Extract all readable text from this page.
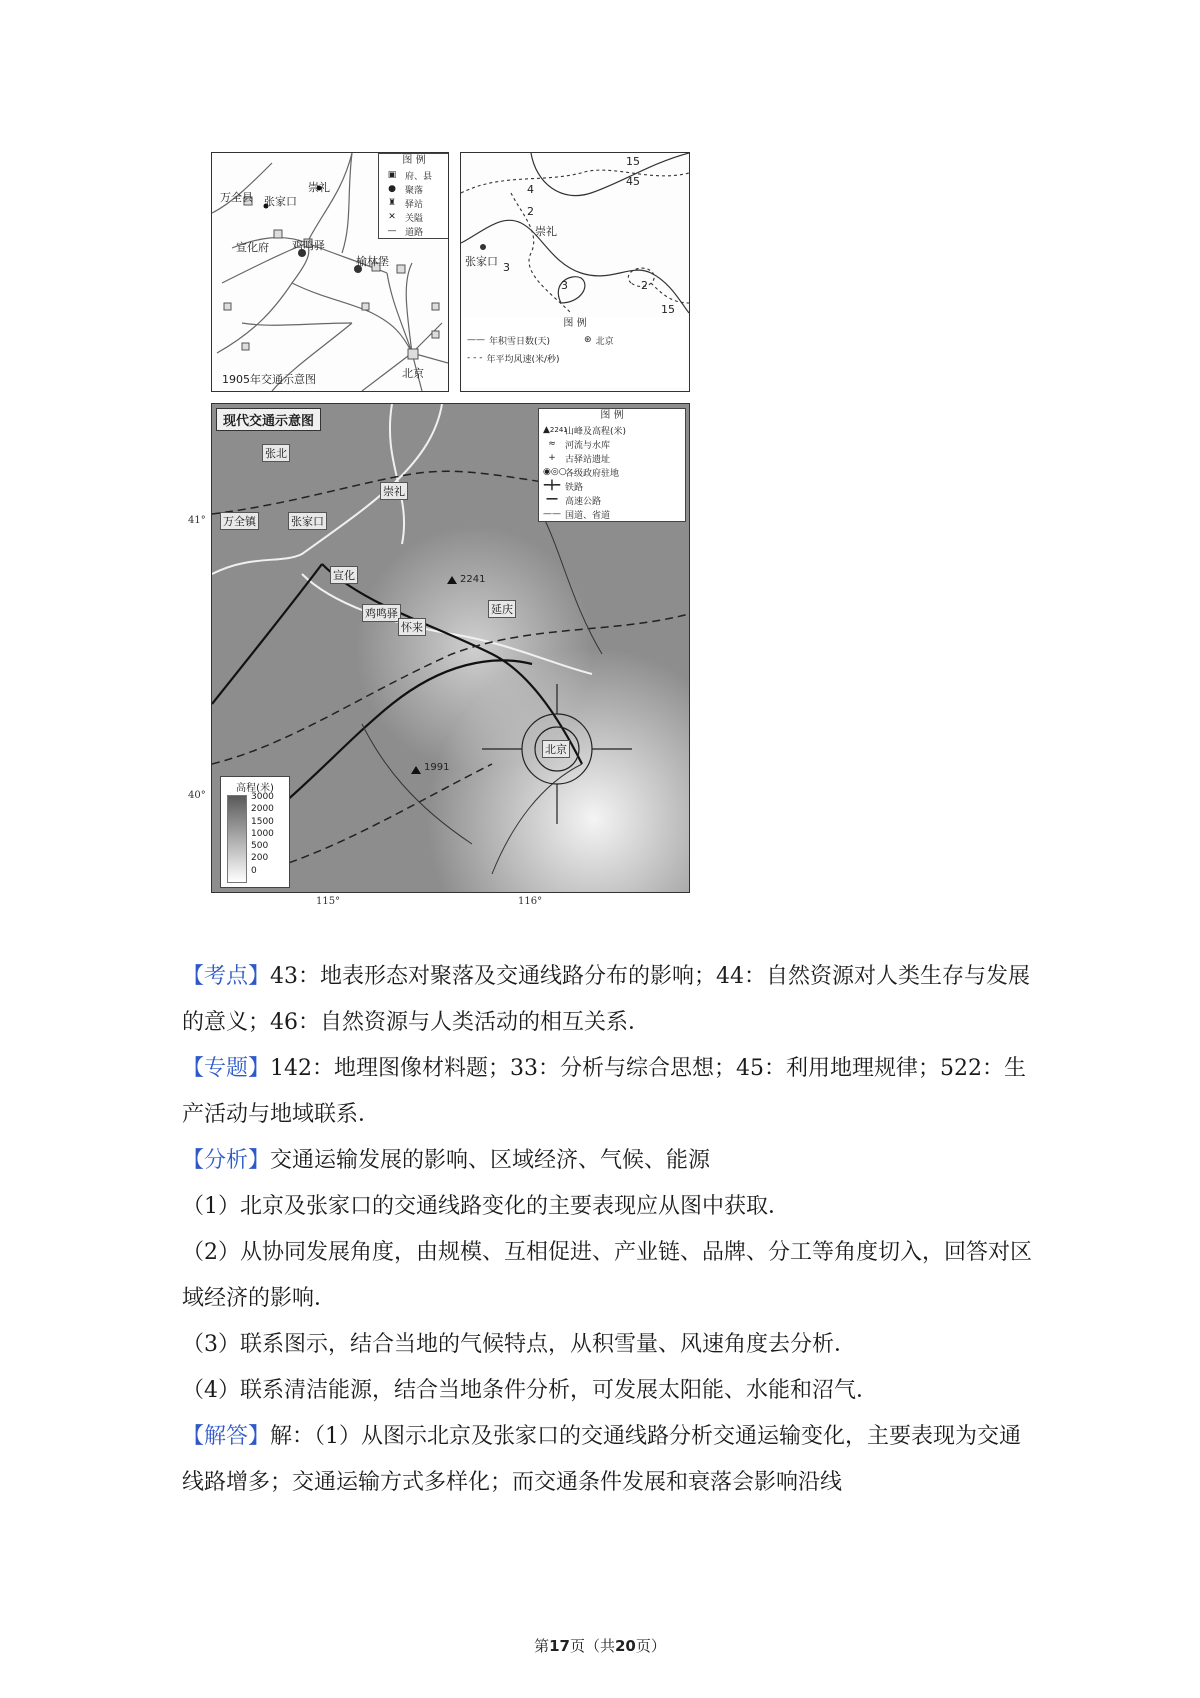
万全县 张家口
崇礼
宣化府 鸡鸣驿
榆林堡
北京
图 例
▣ 府、县
●	聚落
♜ 驿站
✕	关隘
— 道路
1905年交通示意图
15
45
4
2
3
3	2
15
崇礼
张家口
图 例
—— 年积雪日数(天)	⊛ 北京
- - - 年平均风速(米/秒)
现代交通示意图
张北
崇礼
万全镇	张家口
宣化
鸡鸣驿
怀来
延庆
北京
2241
1991
图 例
▲2241
山峰及高程(米)
≈	河流与水库
+	古驿站遗址
◉◎○
各级政府驻地
━╋━ 铁路
━━ 高速公路
—— 国道、省道
高程(米)
3000
2000
1500
1000
500
200
0
41°
40°
115°	116°

【考点】43：地表形态对聚落及交通线路分布的影响；44：自然资源对人类生存与发展的意义；46：自然资源与人类活动的相互关系．

【专题】142：地理图像材料题；33：分析与综合思想；45：利用地理规律；522：生产活动与地域联系．

【分析】交通运输发展的影响、区域经济、气候、能源

（1）北京及张家口的交通线路变化的主要表现应从图中获取．

（2）从协同发展角度，由规模、互相促进、产业链、品牌、分工等角度切入，回答对区域经济的影响．

（3）联系图示，结合当地的气候特点，从积雪量、风速角度去分析．

（4）联系清洁能源，结合当地条件分析，可发展太阳能、水能和沼气．

【解答】解：（1）从图示北京及张家口的交通线路分析交通运输变化，主要表现为交通线路增多；交通运输方式多样化；而交通条件发展和衰落会影响沿线

第17页（共20页）
